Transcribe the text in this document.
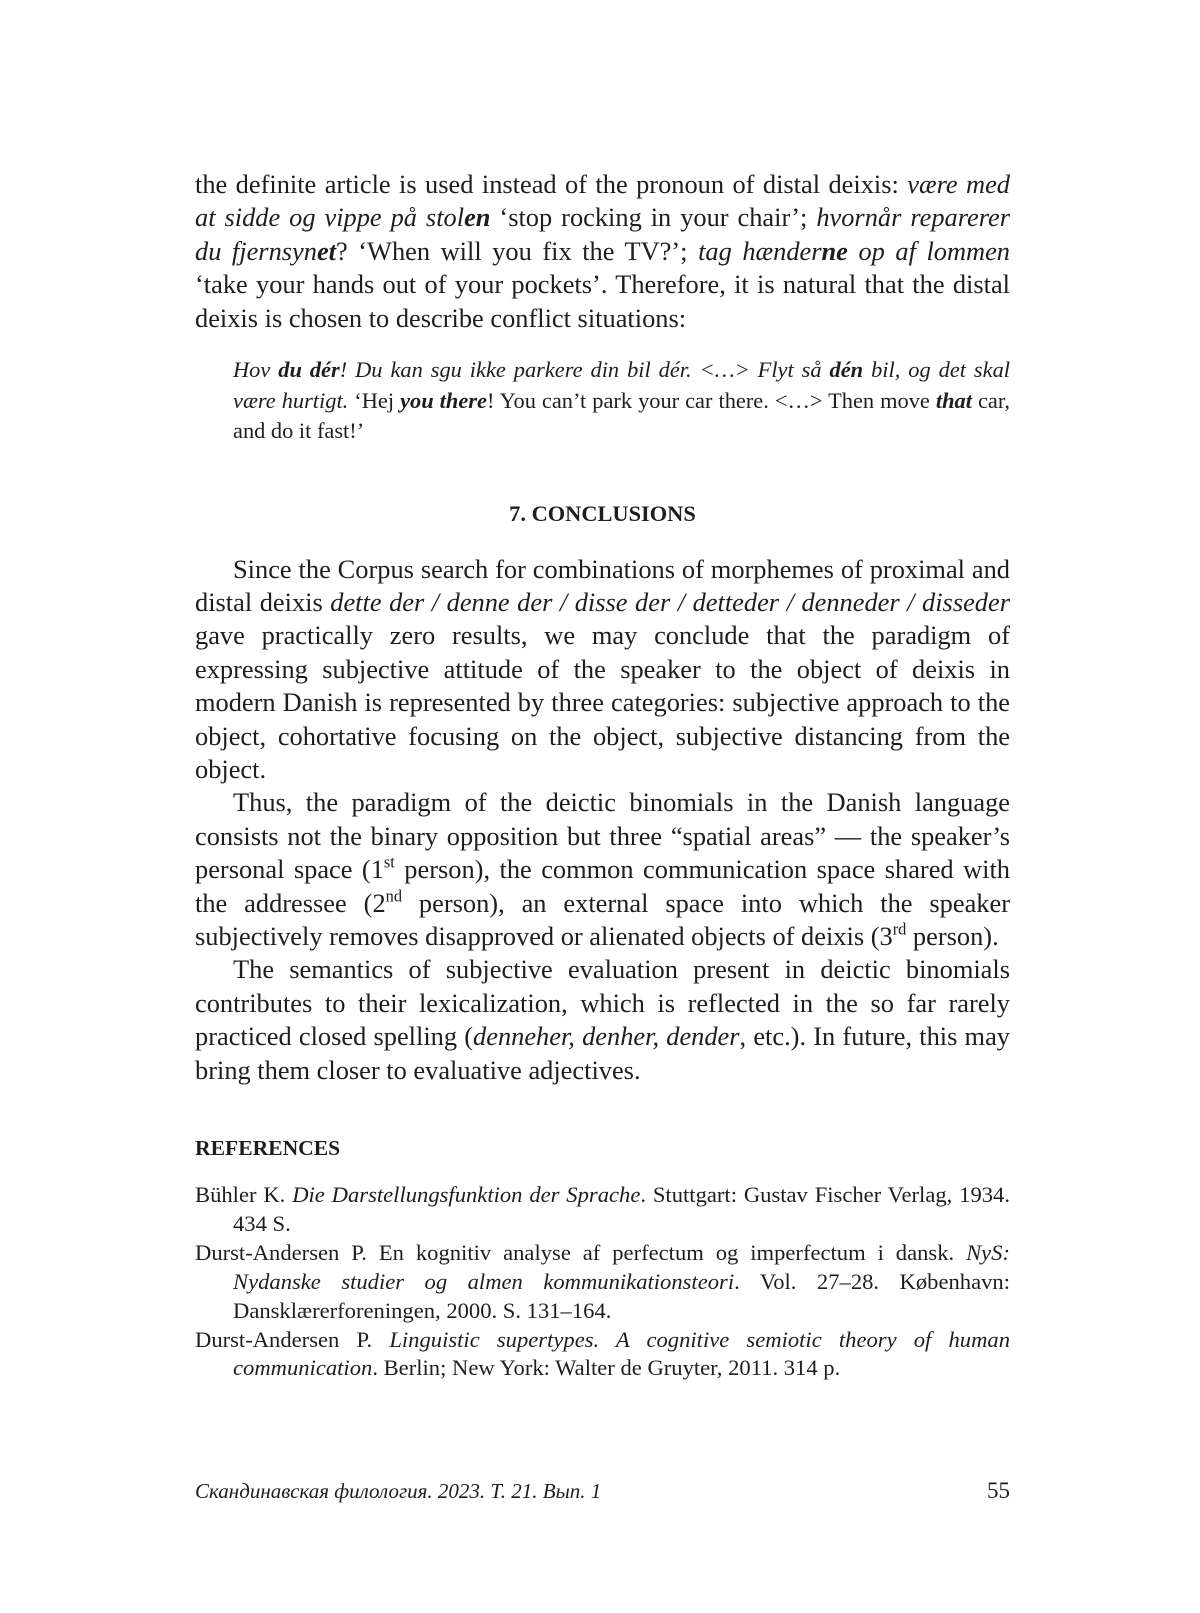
the definite article is used instead of the pronoun of distal deixis: være med at sidde og vippe på stolen ‘stop rocking in your chair’; hvornår reparerer du fjernsynet? ‘When will you fix the TV?’; tag hænderne op af lommen ‘take your hands out of your pockets’. Therefore, it is natural that the distal deixis is chosen to describe conflict situations:

Hov du dér! Du kan sgu ikke parkere din bil dér. <…> Flyt så dén bil, og det skal være hurtigt. ‘Hej you there! You can’t park your car there. <…> Then move that car, and do it fast!’

7. CONCLUSIONS

Since the Corpus search for combinations of morphemes of proximal and distal deixis dette der / denne der / disse der / detteder / denneder / disseder gave practically zero results, we may conclude that the paradigm of expressing subjective attitude of the speaker to the object of deixis in modern Danish is represented by three categories: subjective approach to the object, cohortative focusing on the object, subjective distancing from the object.

Thus, the paradigm of the deictic binomials in the Danish language consists not the binary opposition but three “spatial areas” — the speaker’s personal space (1st person), the common communication space shared with the addressee (2nd person), an external space into which the speaker subjectively removes disapproved or alienated objects of deixis (3rd person).

The semantics of subjective evaluation present in deictic binomials contributes to their lexicalization, which is reflected in the so far rarely practiced closed spelling (denneher, denher, dender, etc.). In future, this may bring them closer to evaluative adjectives.

REFERENCES

Bühler K. Die Darstellungsfunktion der Sprache. Stuttgart: Gustav Fischer Verlag, 1934. 434 S.

Durst-Andersen P. En kognitiv analyse af perfectum og imperfectum i dansk. NyS: Nydanske studier og almen kommunikationsteori. Vol. 27–28. København: Dansklærerforeningen, 2000. S. 131–164.

Durst-Andersen P. Linguistic supertypes. A cognitive semiotic theory of human communication. Berlin; New York: Walter de Gruyter, 2011. 314 p.

Скандинавская филология. 2023. Т. 21. Вып. 1	55
